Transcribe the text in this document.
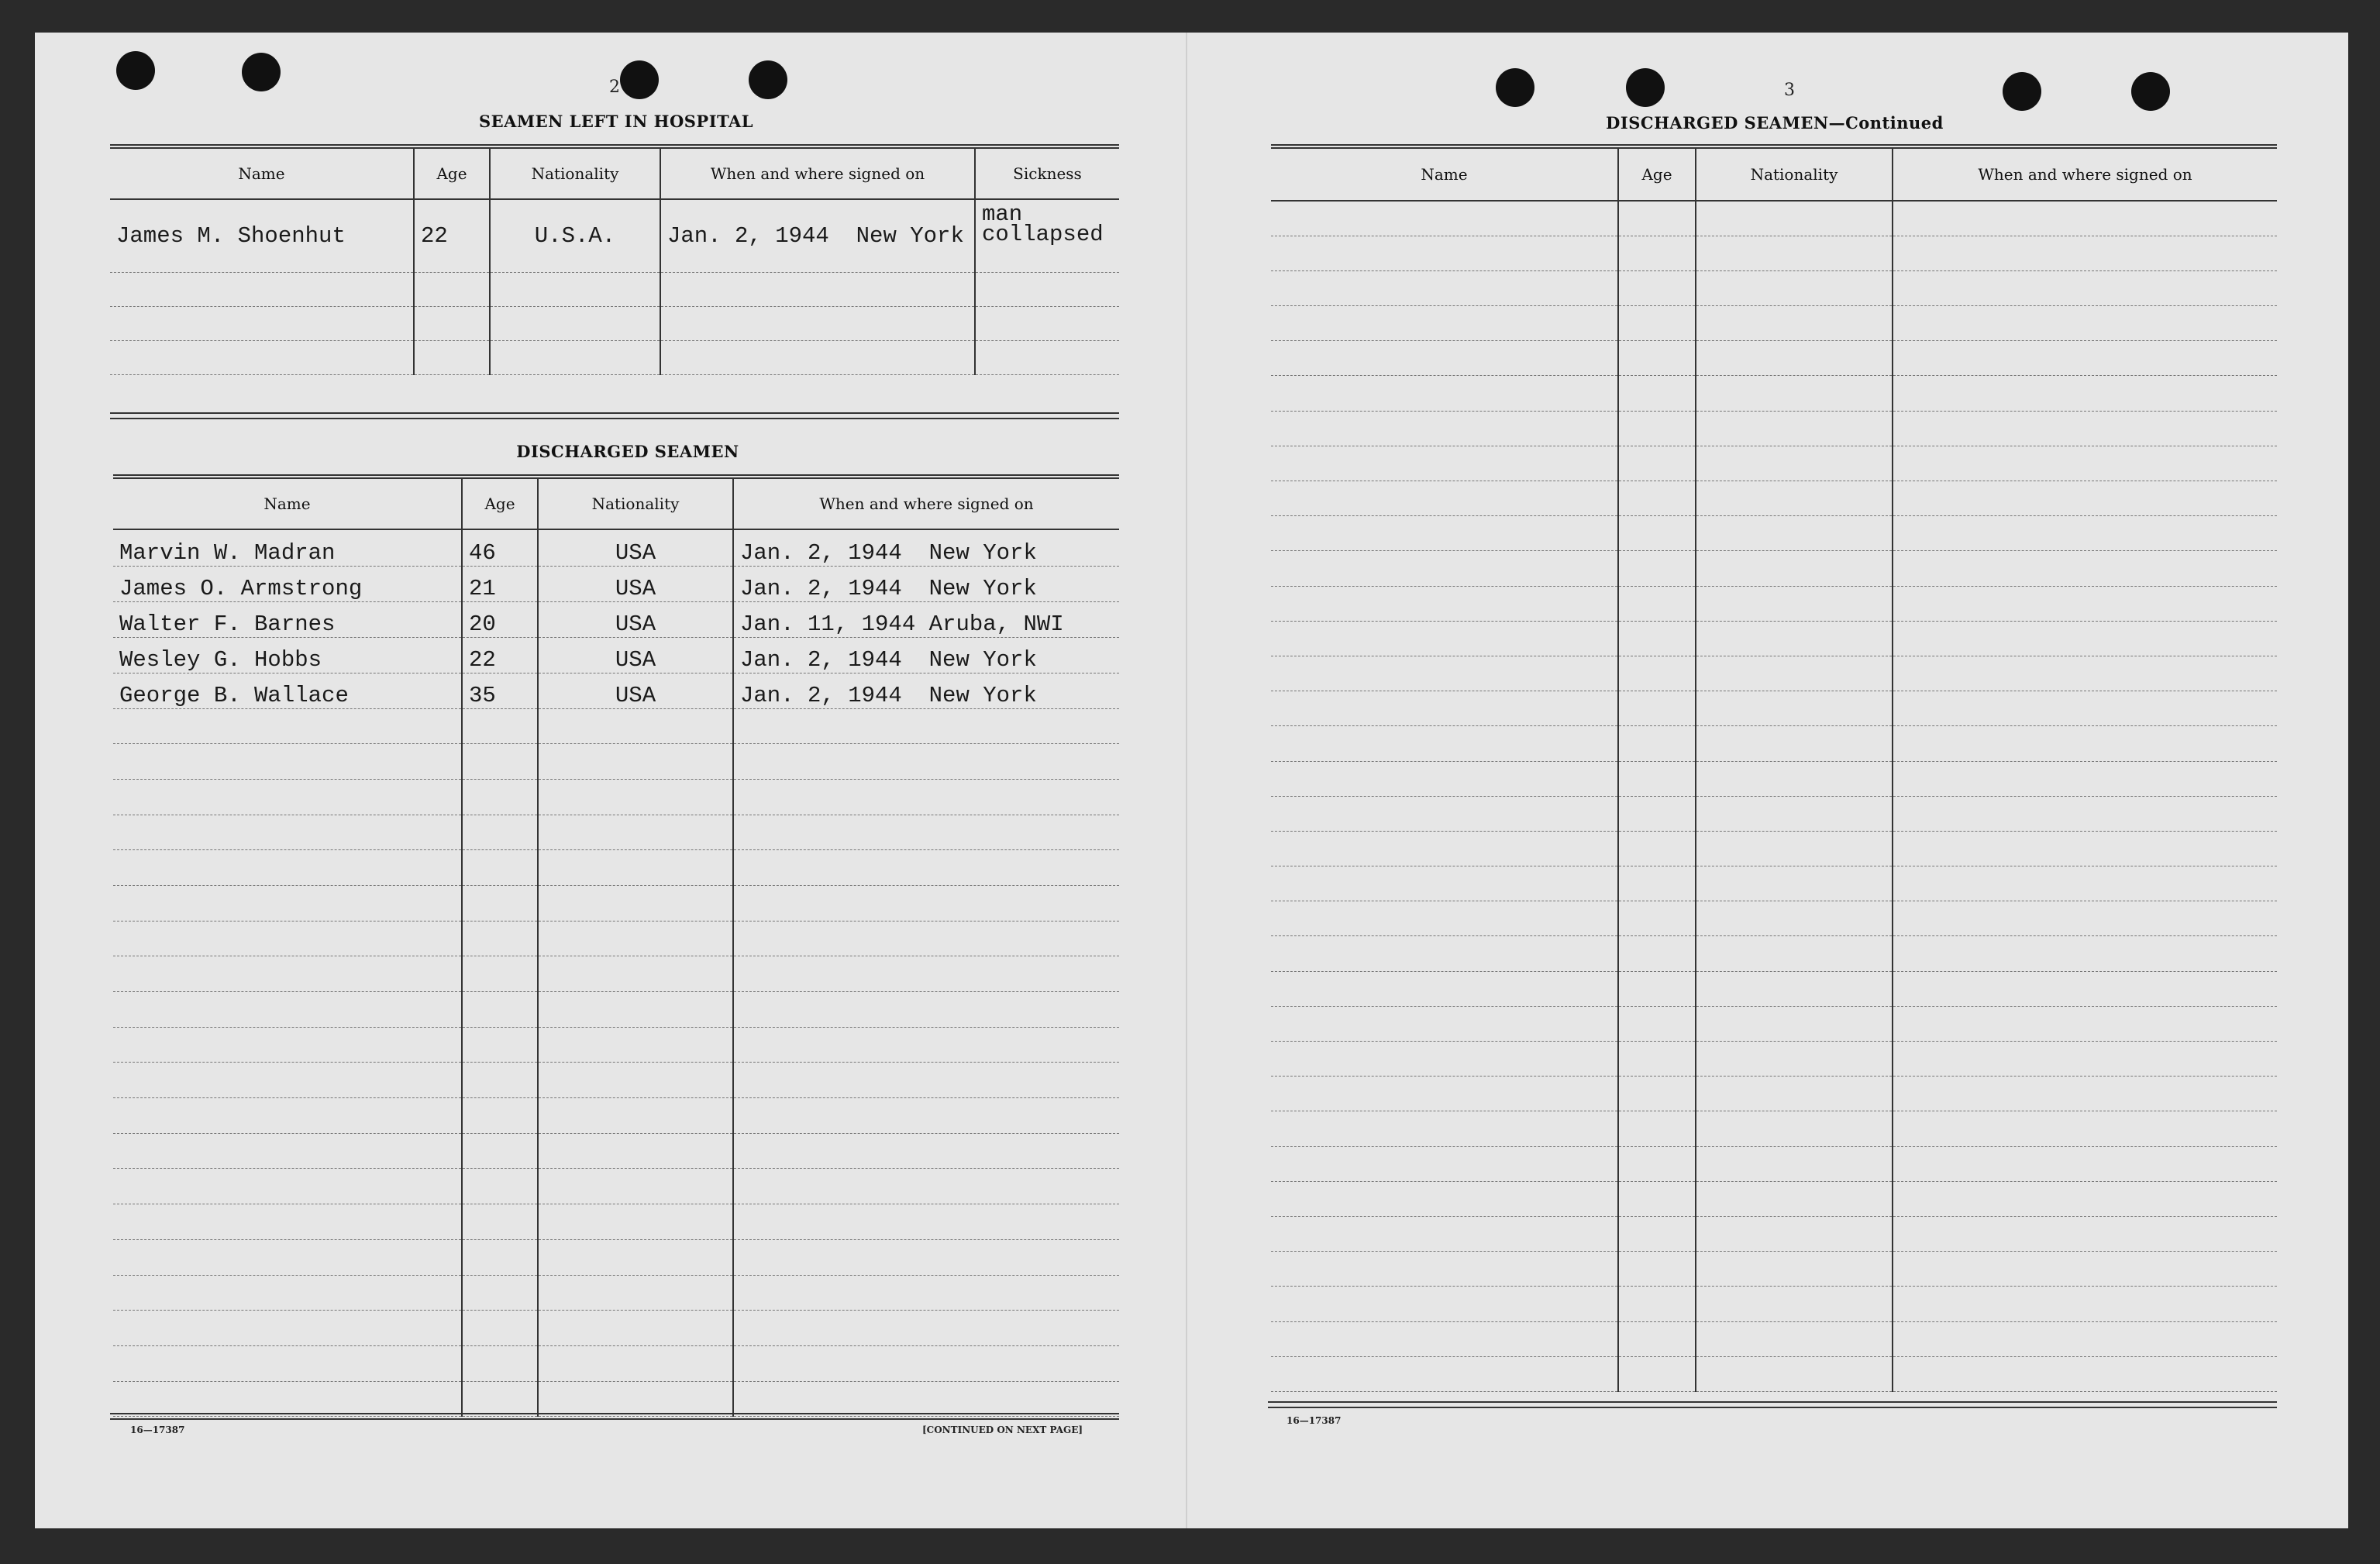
2
SEAMEN LEFT IN HOSPITAL
Name	Age	Nationality	When and where signed on	Sickness
James M. Shoenhut	22	U.S.A.	Jan. 2, 1944  New York	man
collapsed

DISCHARGED SEAMEN
Name	Age	Nationality	When and where signed on
Marvin W. Madran	46	USA	Jan. 2, 1944  New York
James O. Armstrong	21	USA	Jan. 2, 1944  New York
Walter F. Barnes	20	USA	Jan. 11, 1944 Aruba, NWI
Wesley G. Hobbs	22	USA	Jan. 2, 1944  New York
George B. Wallace	35	USA	Jan. 2, 1944  New York

16—17387	[CONTINUED ON NEXT PAGE]
3
DISCHARGED SEAMEN—Continued
Name	Age	Nationality	When and where signed on

16—17387
